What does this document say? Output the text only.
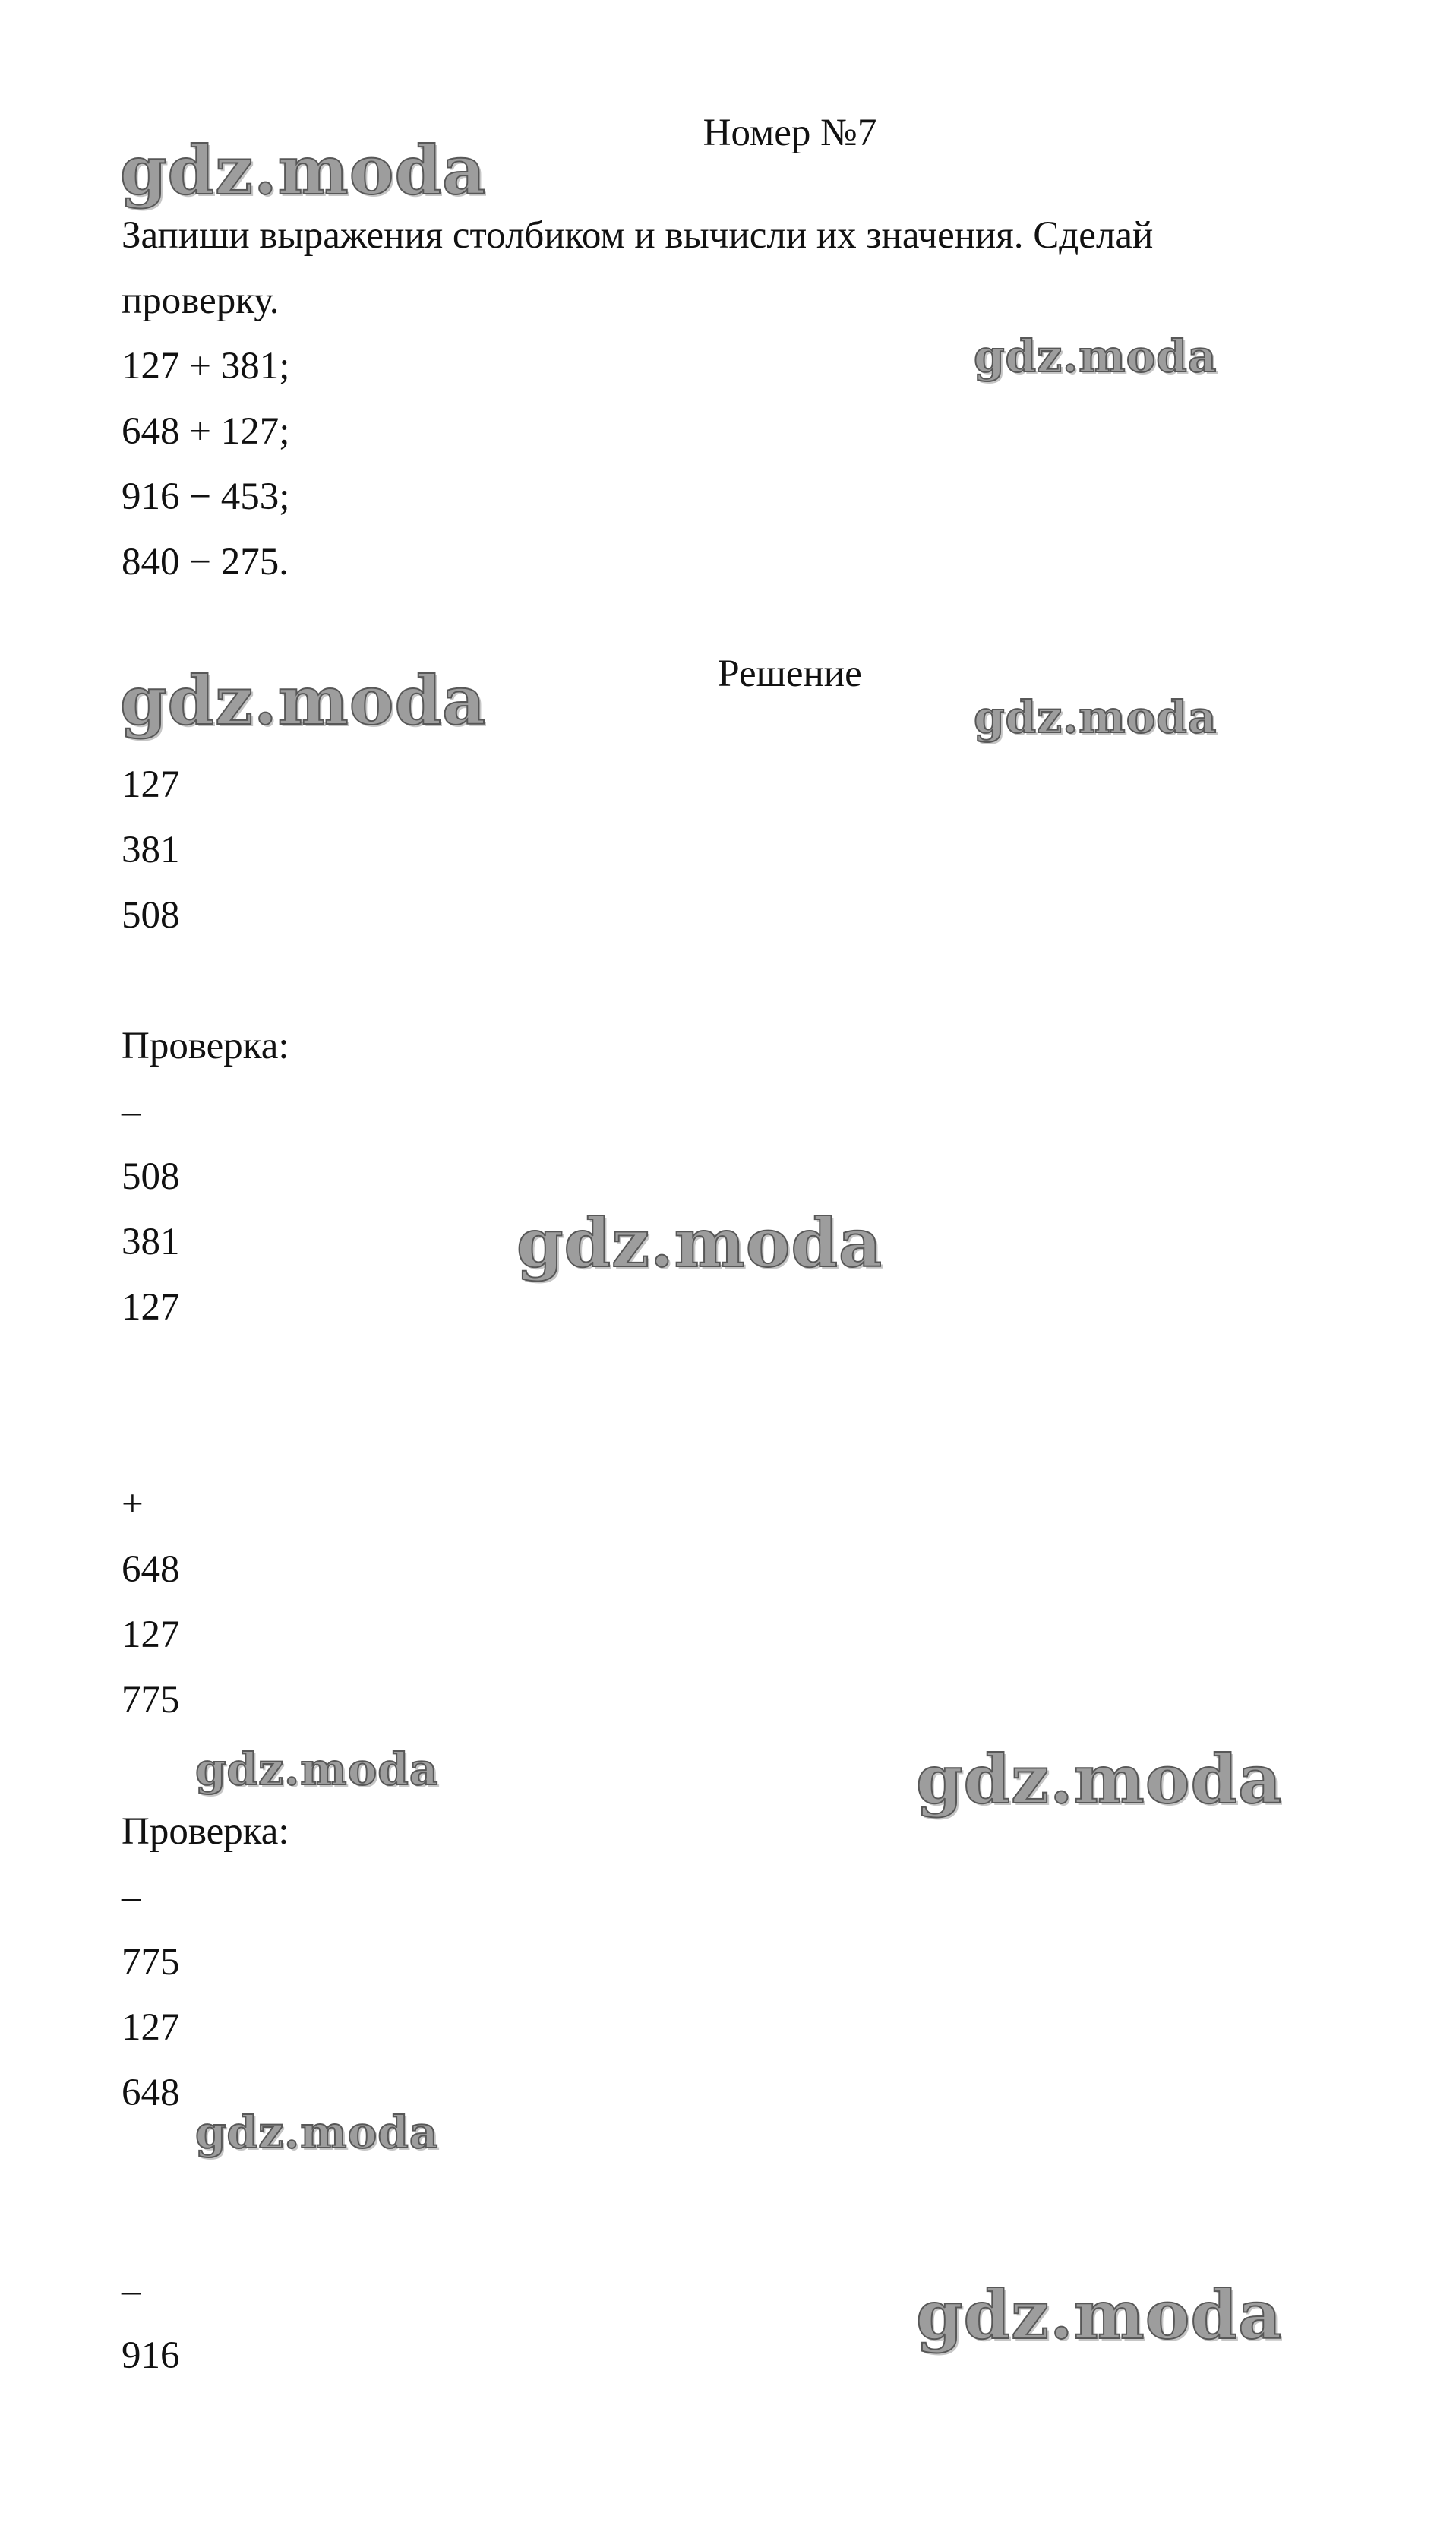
gdz.moda
gdz.moda
gdz.moda	gdz.moda
gdz.moda
gdz.moda	gdz.moda
gdz.moda
gdz.moda
Номер №7

Запиши выражения столбиком и вычисли их значения. Сделай

проверку.

127 + 381;

648 + 127;

916 − 453;

840 − 275.

Решение

127

381

508

Проверка:

–

508

381

127

+

648

127

775

Проверка:

–

775

127

648

–

916
